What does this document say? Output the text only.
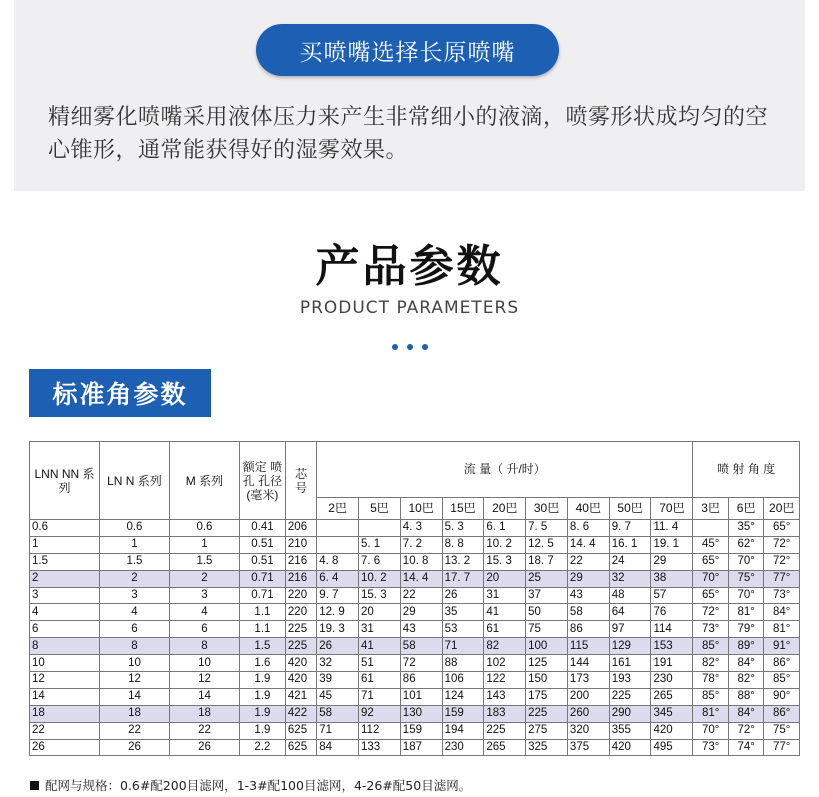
买喷嘴选择长原喷嘴
精细雾化喷嘴采用液体压力来产生非常细小的液滴，喷雾形状成均匀的空心锥形，通常能获得好的湿雾效果。
产品参数
PRODUCT PARAMETERS
标准角参数
LNN NN 系列	LN N 系列	M 系列	额定 喷孔 孔径 (毫米)	芯 号	流 量（ 升/时）									喷 射 角 度		
					2巴	5巴	10巴	15巴	20巴	30巴	40巴	50巴	70巴	3巴	6巴	20巴
0.6	0.6	0.6	0.41	206			4. 3	5. 3	6. 1	7. 5	8. 6	9. 7	11. 4		35°	65°
1	1	1	0.51	210		5. 1	7. 2	8. 8	10. 2	12. 5	14. 4	16. 1	19. 1	45°	62°	72°
1.5	1.5	1.5	0.51	216	4. 8	7. 6	10. 8	13. 2	15. 3	18. 7	22	24	29	65°	70°	72°
2	2	2	0.71	216	6. 4	10. 2	14. 4	17. 7	20	25	29	32	38	70°	75°	77°
3	3	3	0.71	220	9. 7	15. 3	22	26	31	37	43	48	57	65°	70°	73°
4	4	4	1.1	220	12. 9	20	29	35	41	50	58	64	76	72°	81°	84°
6	6	6	1.1	225	19. 3	31	43	53	61	75	86	97	114	73°	79°	81°
8	8	8	1.5	225	26	41	58	71	82	100	115	129	153	85°	89°	91°
10	10	10	1.6	420	32	51	72	88	102	125	144	161	191	82°	84°	86°
12	12	12	1.9	420	39	61	86	106	122	150	173	193	230	78°	82°	85°
14	14	14	1.9	421	45	71	101	124	143	175	200	225	265	85°	88°	90°
18	18	18	1.9	422	58	92	130	159	183	225	260	290	345	81°	84°	86°
22	22	22	1.9	625	71	112	159	194	225	275	320	355	420	70°	72°	75°
26	26	26	2.2	625	84	133	187	230	265	325	375	420	495	73°	74°	77°
配网与规格：0.6#配200目滤网，1-3#配100目滤网，4-26#配50目滤网。
